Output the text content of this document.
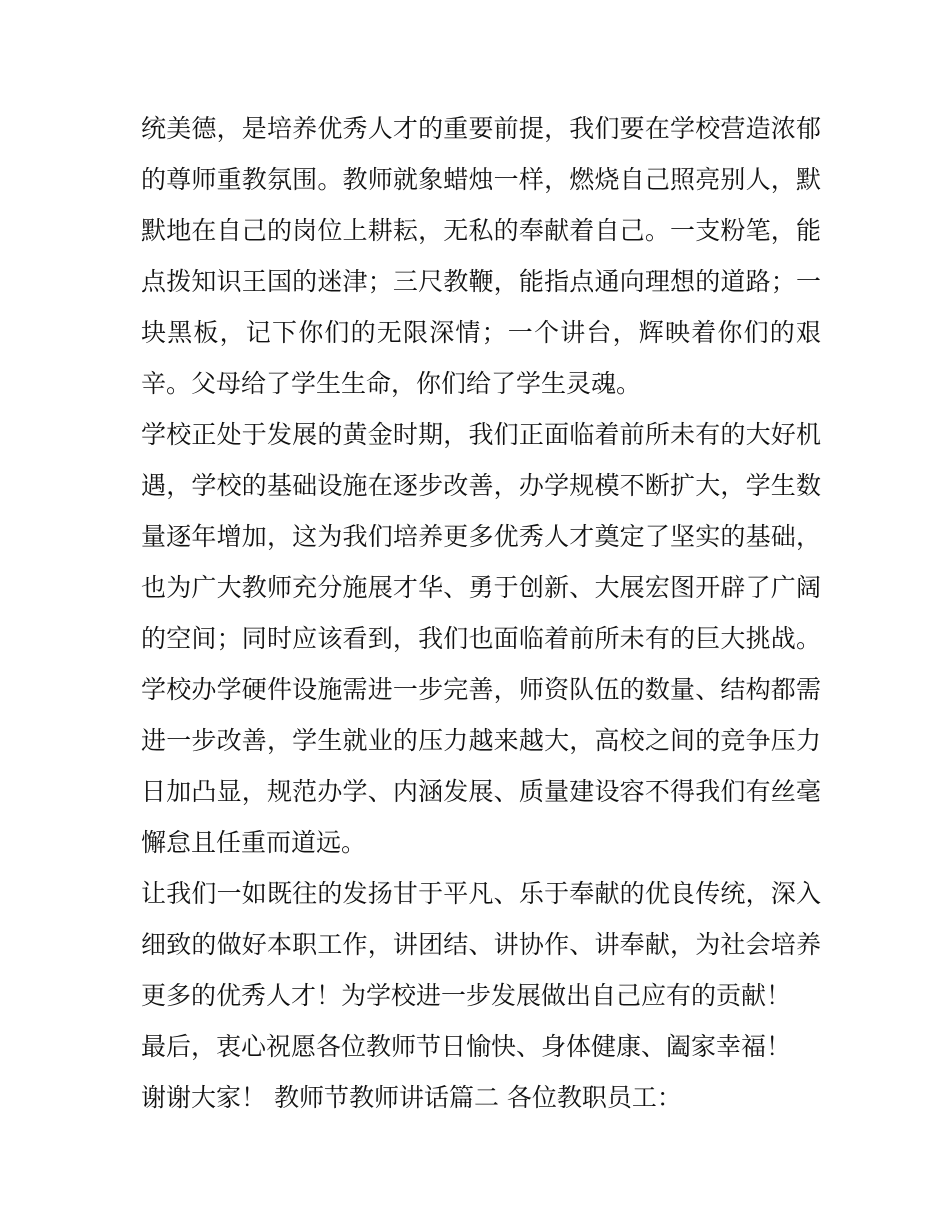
统美德，是培养优秀人才的重要前提，我们要在学校营造浓郁
的尊师重教氛围。教师就象蜡烛一样，燃烧自己照亮别人，默
默地在自己的岗位上耕耘，无私的奉献着自己。一支粉笔，能
点拨知识王国的迷津；三尺教鞭，能指点通向理想的道路；一
块黑板，记下你们的无限深情；一个讲台，辉映着你们的艰
辛。父母给了学生生命，你们给了学生灵魂。
学校正处于发展的黄金时期，我们正面临着前所未有的大好机
遇，学校的基础设施在逐步改善，办学规模不断扩大，学生数
量逐年增加，这为我们培养更多优秀人才奠定了坚实的基础，
也为广大教师充分施展才华、勇于创新、大展宏图开辟了广阔
的空间；同时应该看到，我们也面临着前所未有的巨大挑战。
学校办学硬件设施需进一步完善，师资队伍的数量、结构都需
进一步改善，学生就业的压力越来越大，高校之间的竞争压力
日加凸显，规范办学、内涵发展、质量建设容不得我们有丝毫
懈怠且任重而道远。
让我们一如既往的发扬甘于平凡、乐于奉献的优良传统，深入
细致的做好本职工作，讲团结、讲协作、讲奉献，为社会培养
更多的优秀人才！为学校进一步发展做出自己应有的贡献！
最后，衷心祝愿各位教师节日愉快、身体健康、阖家幸福！
谢谢大家！ 教师节教师讲话篇二 各位教职员工：
